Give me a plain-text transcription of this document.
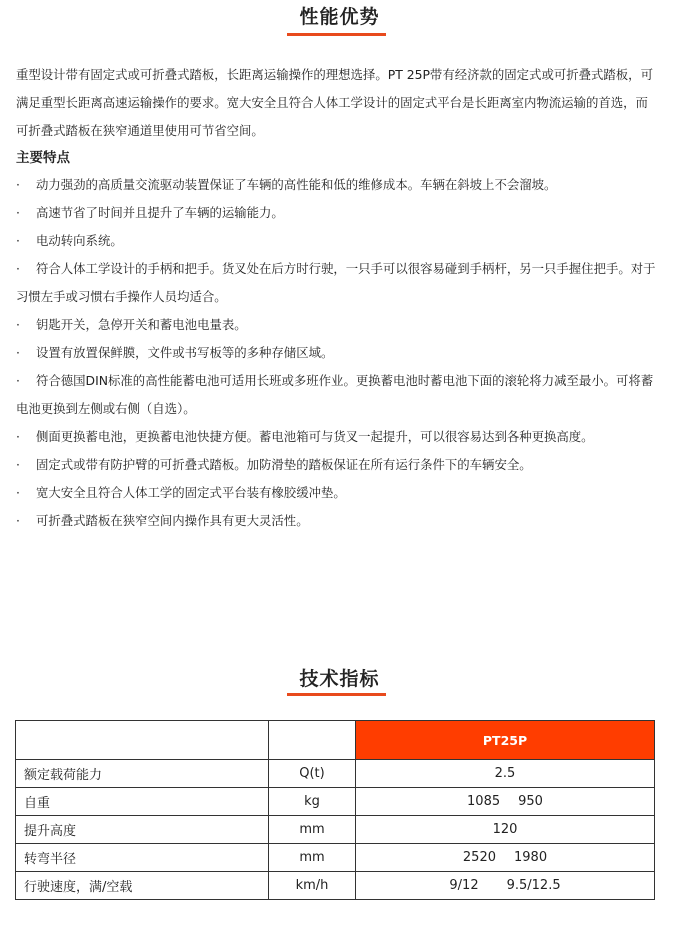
性能优势

重型设计带有固定式或可折叠式踏板，长距离运输操作的理想选择。PT 25P带有经济款的固定式或可折叠式踏板，可满足重型长距离高速运输操作的要求。宽大安全且符合人体工学设计的固定式平台是长距离室内物流运输的首选，而可折叠式踏板在狭窄通道里使用可节省空间。

主要特点

· 动力强劲的高质量交流驱动装置保证了车辆的高性能和低的维修成本。车辆在斜坡上不会溜坡。
· 高速节省了时间并且提升了车辆的运输能力。
· 电动转向系统。
· 符合人体工学设计的手柄和把手。货叉处在后方时行驶，一只手可以很容易碰到手柄杆，另一只手握住把手。对于习惯左手或习惯右手操作人员均适合。
· 钥匙开关，急停开关和蓄电池电量表。
· 设置有放置保鲜膜，文件或书写板等的多种存储区域。
· 符合德国DIN标准的高性能蓄电池可适用长班或多班作业。更换蓄电池时蓄电池下面的滚轮将力减至最小。可将蓄电池更换到左侧或右侧（自选）。
· 侧面更换蓄电池，更换蓄电池快捷方便。蓄电池箱可与货叉一起提升，可以很容易达到各种更换高度。
· 固定式或带有防护臂的可折叠式踏板。加防滑垫的踏板保证在所有运行条件下的车辆安全。
· 宽大安全且符合人体工学的固定式平台装有橡胶缓冲垫。
· 可折叠式踏板在狭窄空间内操作具有更大灵活性。
技术指标
		PT25P
额定载荷能力	Q(t)	2.5
自重	kg	1085 950
提升高度	mm	120
转弯半径	mm	2520 1980
行驶速度，满/空载	km/h	9/12 9.5/12.5
